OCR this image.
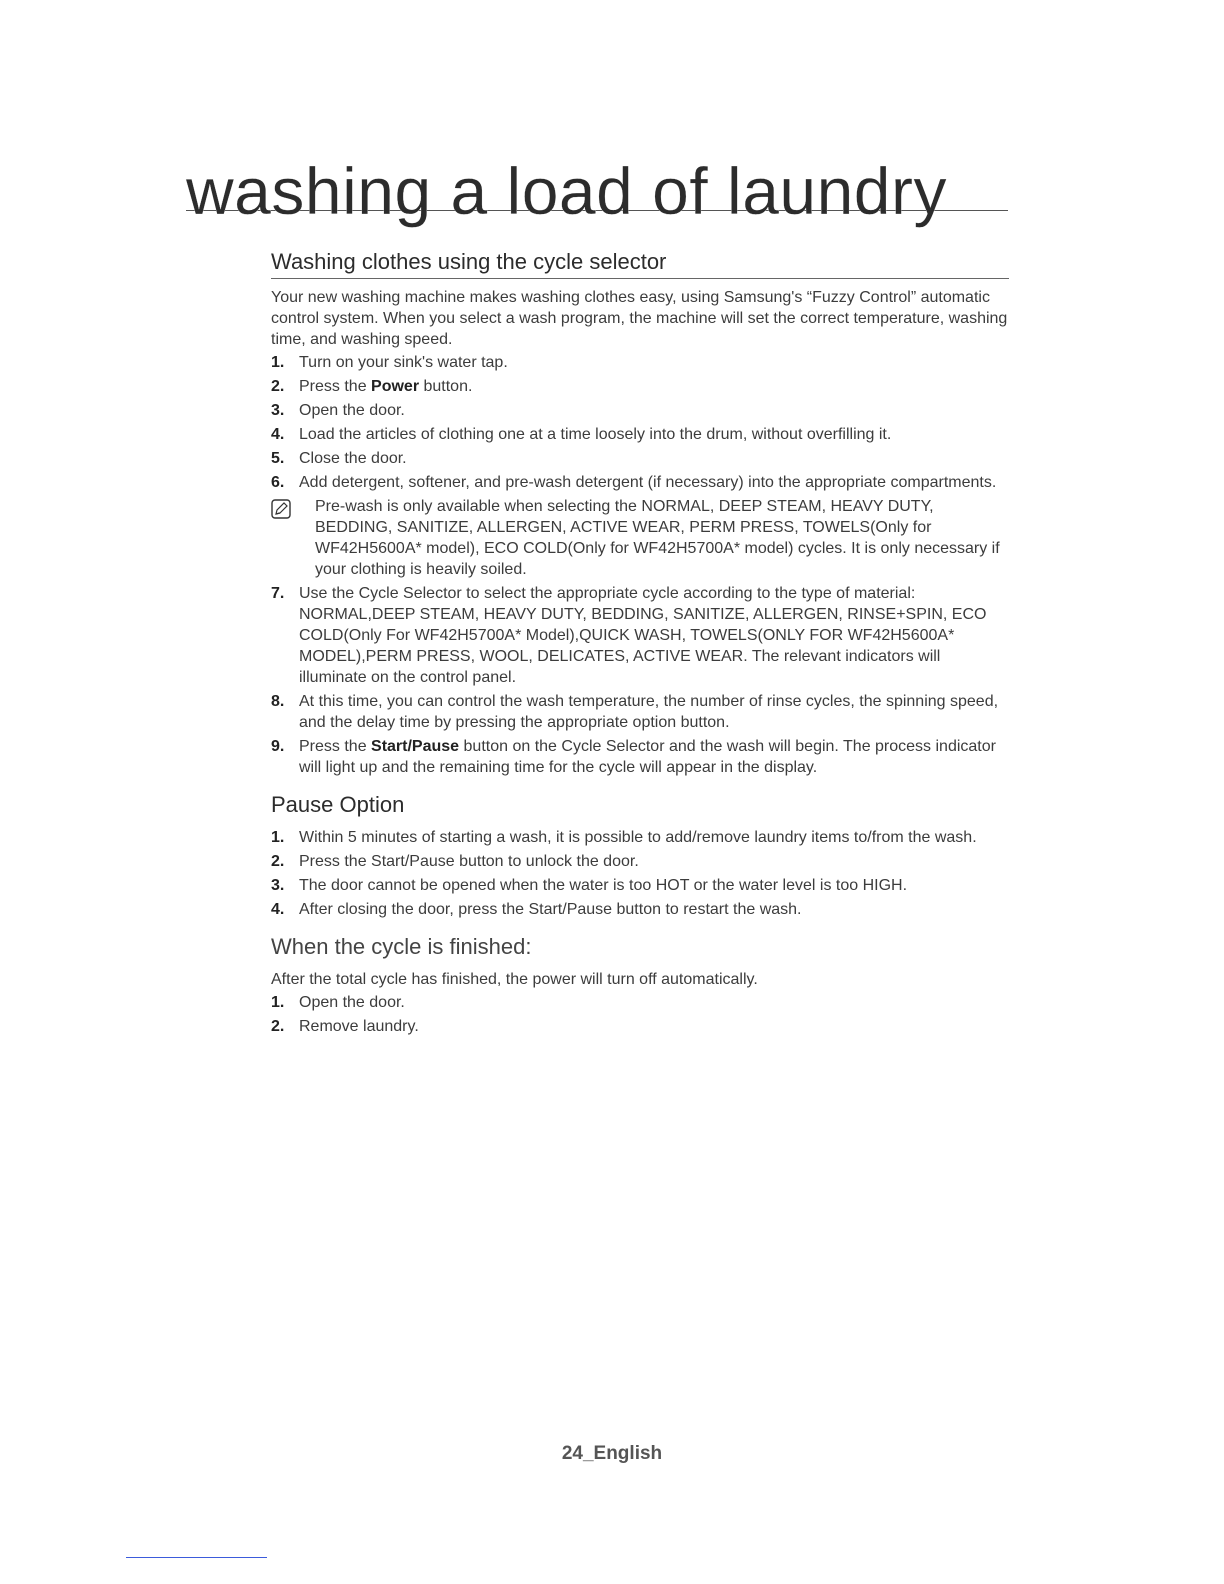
washing a load of laundry
Washing clothes using the cycle selector

Your new washing machine makes washing clothes easy, using Samsung's “Fuzzy Control” automatic control system. When you select a wash program, the machine will set the correct temperature, washing time, and washing speed.

1. Turn on your sink's water tap.
2. Press the Power button.
3. Open the door.
4. Load the articles of clothing one at a time loosely into the drum, without overfilling it.
5. Close the door.
6. Add detergent, softener, and pre-wash detergent (if necessary) into the appropriate compartments.
Pre-wash is only available when selecting the NORMAL, DEEP STEAM, HEAVY DUTY, BEDDING, SANITIZE, ALLERGEN, ACTIVE WEAR, PERM PRESS, TOWELS(Only for WF42H5600A* model), ECO COLD(Only for WF42H5700A* model) cycles. It is only necessary if your clothing is heavily soiled.
7. Use the Cycle Selector to select the appropriate cycle according to the type of material: NORMAL,DEEP STEAM, HEAVY DUTY, BEDDING, SANITIZE, ALLERGEN, RINSE+SPIN, ECO COLD(Only For WF42H5700A* Model),QUICK WASH, TOWELS(ONLY FOR WF42H5600A* MODEL),PERM PRESS, WOOL, DELICATES, ACTIVE WEAR. The relevant indicators will illuminate on the control panel.
8. At this time, you can control the wash temperature, the number of rinse cycles, the spinning speed, and the delay time by pressing the appropriate option button.
9. Press the Start/Pause button on the Cycle Selector and the wash will begin. The process indicator will light up and the remaining time for the cycle will appear in the display.
Pause Option
1. Within 5 minutes of starting a wash, it is possible to add/remove laundry items to/from the wash.
2. Press the Start/Pause button to unlock the door.
3. The door cannot be opened when the water is too HOT or the water level is too HIGH.
4. After closing the door, press the Start/Pause button to restart the wash.
When the cycle is finished:

After the total cycle has finished, the power will turn off automatically.

1. Open the door.
2. Remove laundry.
24_English
